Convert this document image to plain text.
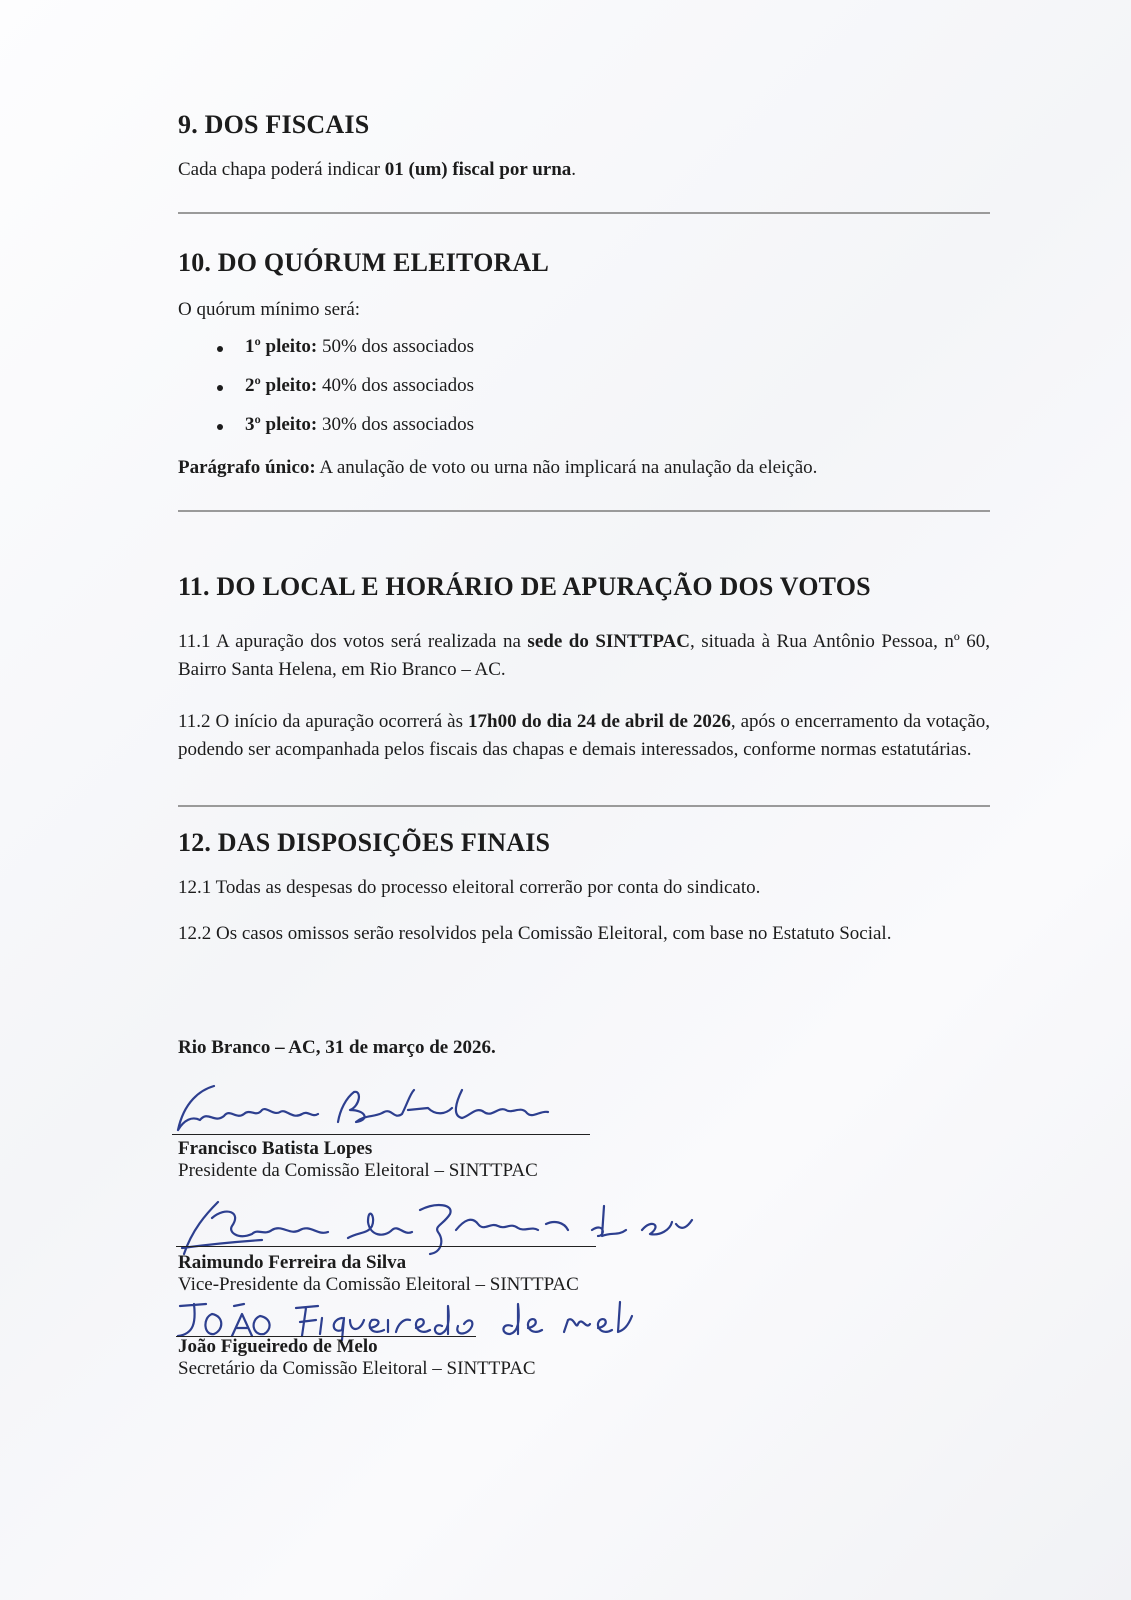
9. DOS FISCAIS

Cada chapa poderá indicar 01 (um) fiscal por urna.

10. DO QUÓRUM ELEITORAL

O quórum mínimo será:

1º pleito: 50% dos associados
2º pleito: 40% dos associados
3º pleito: 30% dos associados

Parágrafo único: A anulação de voto ou urna não implicará na anulação da eleição.

11. DO LOCAL E HORÁRIO DE APURAÇÃO DOS VOTOS

11.1 A apuração dos votos será realizada na sede do SINTTPAC, situada à Rua Antônio Pessoa, nº 60, Bairro Santa Helena, em Rio Branco – AC.

11.2 O início da apuração ocorrerá às 17h00 do dia 24 de abril de 2026, após o encerramento da votação, podendo ser acompanhada pelos fiscais das chapas e demais interessados, conforme normas estatutárias.

12. DAS DISPOSIÇÕES FINAIS

12.1 Todas as despesas do processo eleitoral correrão por conta do sindicato.

12.2 Os casos omissos serão resolvidos pela Comissão Eleitoral, com base no Estatuto Social.

Rio Branco – AC, 31 de março de 2026.

Francisco Batista Lopes
Presidente da Comissão Eleitoral – SINTTPAC
Raimundo Ferreira da Silva
Vice-Presidente da Comissão Eleitoral – SINTTPAC
João Figueiredo de Melo
Secretário da Comissão Eleitoral – SINTTPAC
